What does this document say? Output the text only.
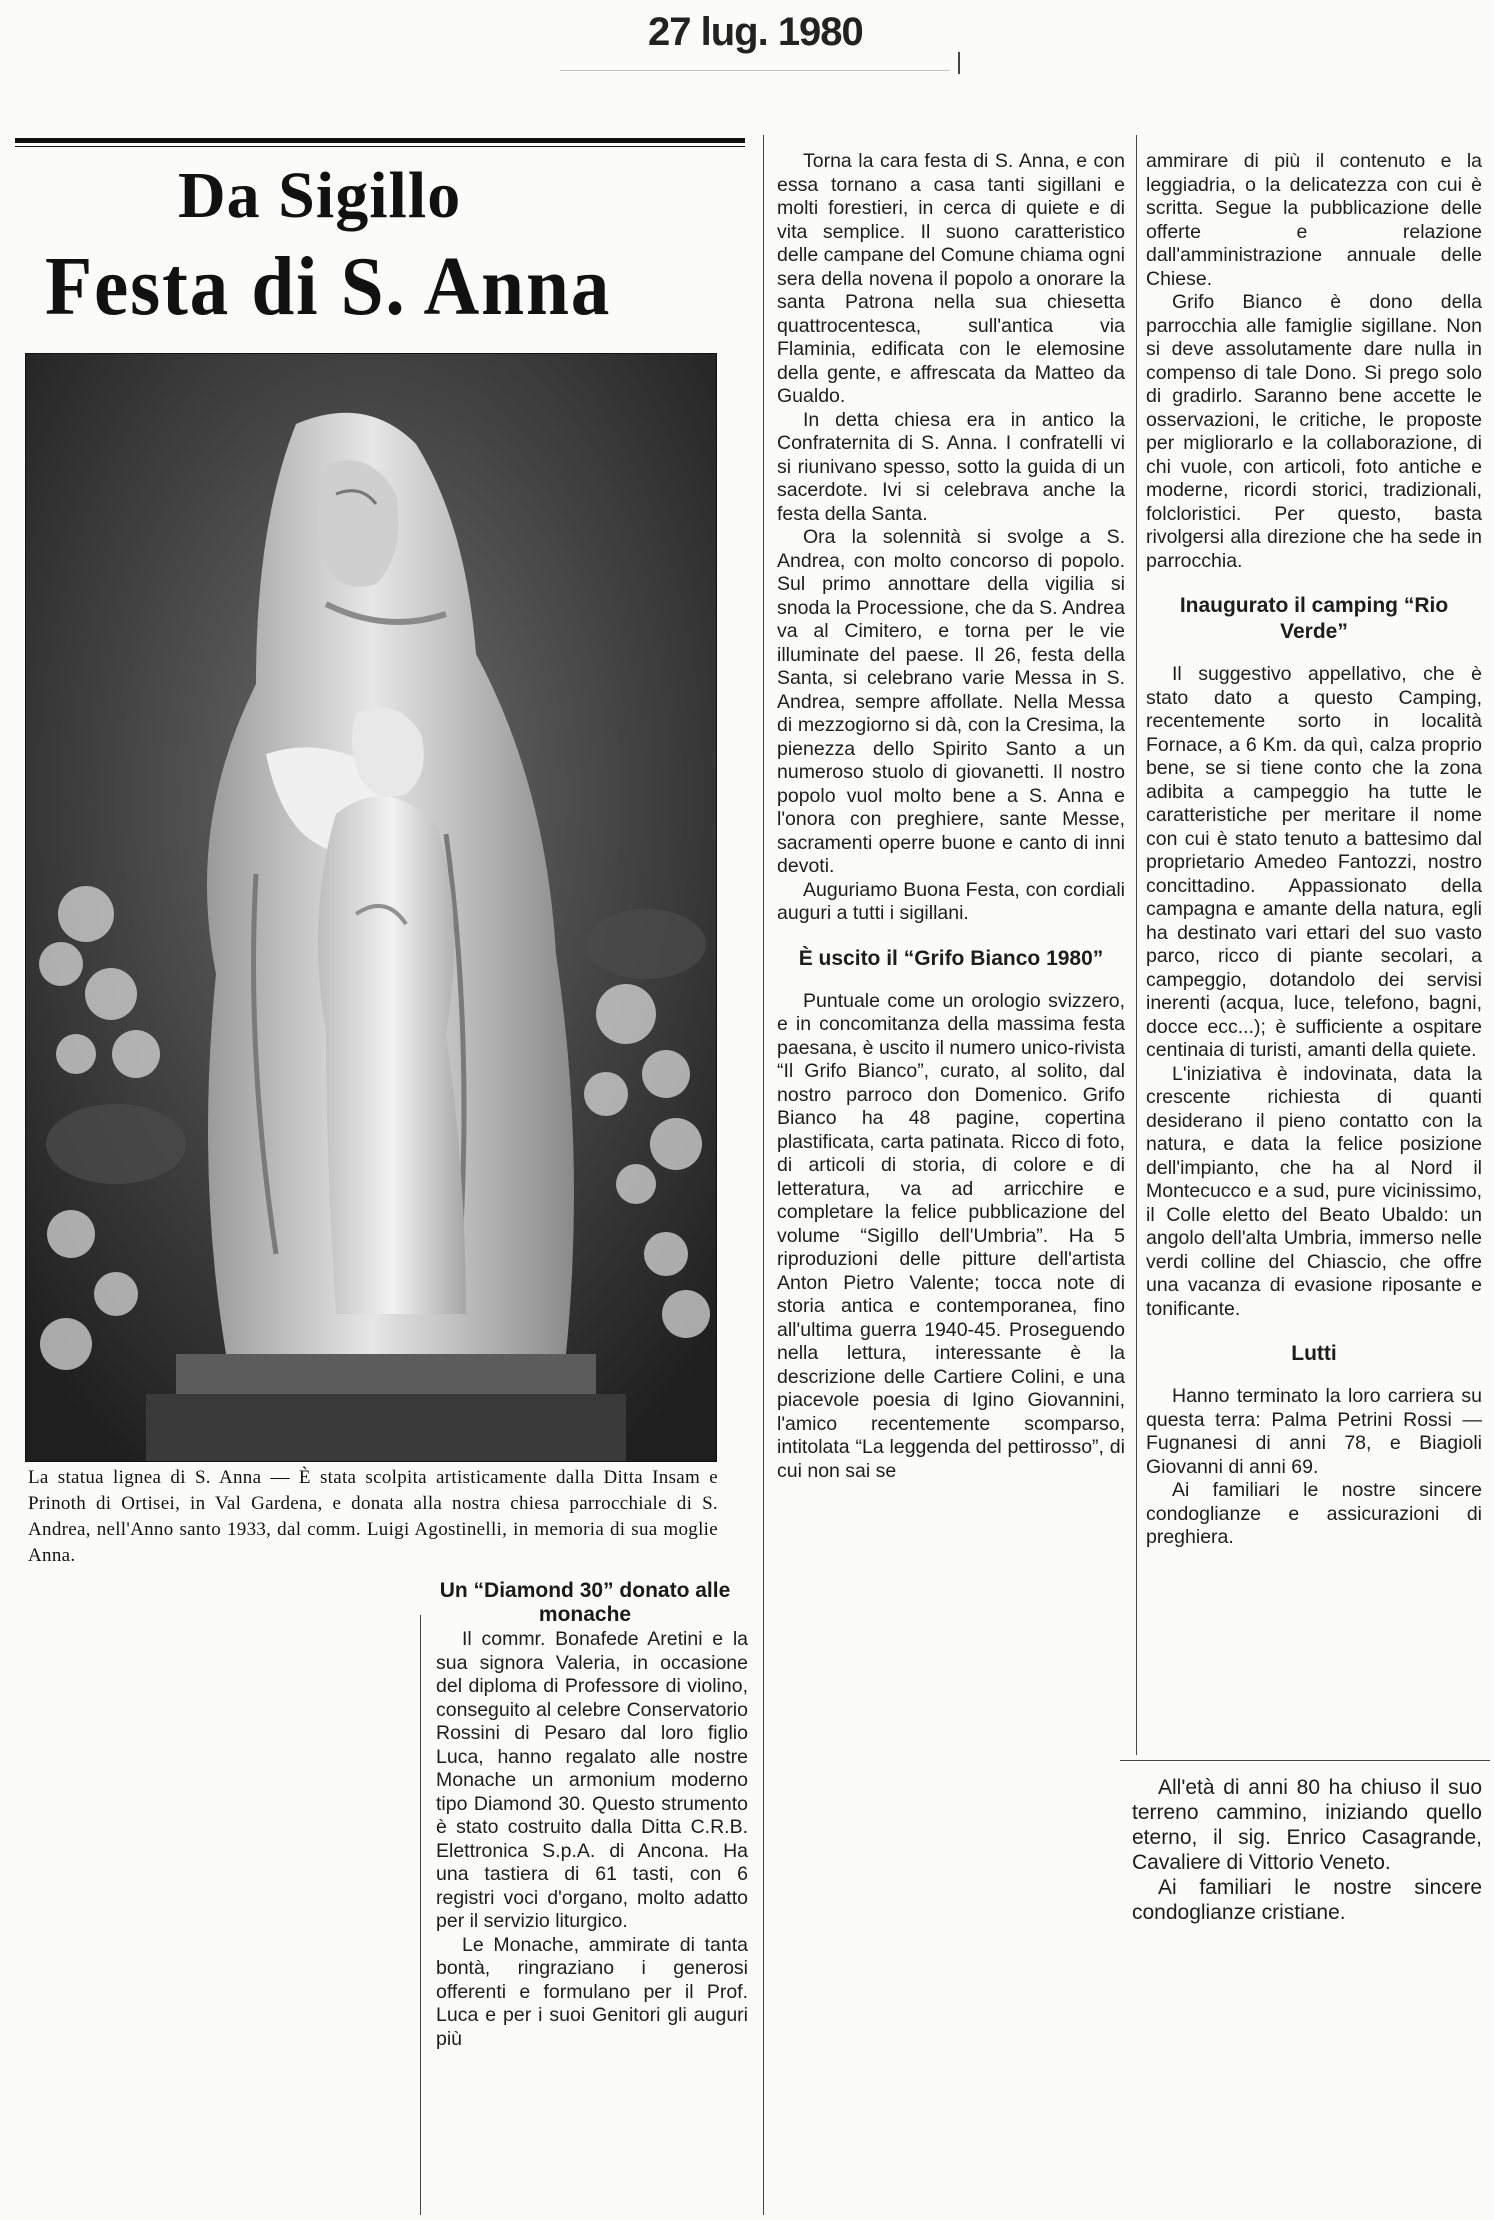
27 lug. 1980
Da Sigillo
Festa di S. Anna
La statua lignea di S. Anna — È stata scolpita artisticamente dalla Ditta Insam e Prinoth di Ortisei, in Val Gardena, e donata alla nostra chiesa parrocchiale di S. Andrea, nell'Anno santo 1933, dal comm. Luigi Agostinelli, in memoria di sua moglie Anna.
Un “Diamond 30” donato alle monache

Il commr. Bonafede Aretini e la sua signora Valeria, in occasione del diploma di Professore di violino, conseguito al celebre Conservatorio Rossini di Pesaro dal loro figlio Luca, hanno regalato alle nostre Monache un armonium moderno tipo Diamond 30. Questo strumento è stato costruito dalla Ditta C.R.B. Elettronica S.p.A. di Ancona. Ha una tastiera di 61 tasti, con 6 registri voci d'organo, molto adatto per il servizio liturgico.

Le Monache, ammirate di tanta bontà, ringraziano i generosi offerenti e formulano per il Prof. Luca e per i suoi Genitori gli auguri più

Torna la cara festa di S. Anna, e con essa tornano a casa tanti sigillani e molti forestieri, in cerca di quiete e di vita semplice. Il suono caratteristico delle campane del Comune chiama ogni sera della novena il popolo a onorare la santa Patrona nella sua chiesetta quattrocentesca, sull'antica via Flaminia, edificata con le elemosine della gente, e affrescata da Matteo da Gualdo.

In detta chiesa era in antico la Confraternita di S. Anna. I confratelli vi si riunivano spesso, sotto la guida di un sacerdote. Ivi si celebrava anche la festa della Santa.

Ora la solennità si svolge a S. Andrea, con molto concorso di popolo. Sul primo annottare della vigilia si snoda la Processione, che da S. Andrea va al Cimitero, e torna per le vie illuminate del paese. Il 26, festa della Santa, si celebrano varie Messa in S. Andrea, sempre affollate. Nella Messa di mezzogiorno si dà, con la Cresima, la pienezza dello Spirito Santo a un numeroso stuolo di giovanetti. Il nostro popolo vuol molto bene a S. Anna e l'onora con preghiere, sante Messe, sacramenti operre buone e canto di inni devoti.

Auguriamo Buona Festa, con cordiali auguri a tutti i sigillani.

È uscito il “Grifo Bianco 1980”

Puntuale come un orologio svizzero, e in concomitanza della massima festa paesana, è uscito il numero unico-rivista “Il Grifo Bianco”, curato, al solito, dal nostro parroco don Domenico. Grifo Bianco ha 48 pagine, copertina plastificata, carta patinata. Ricco di foto, di articoli di storia, di colore e di letteratura, va ad arricchire e completare la felice pubblicazione del volume “Sigillo dell'Umbria”. Ha 5 riproduzioni delle pitture dell'artista Anton Pietro Valente; tocca note di storia antica e contemporanea, fino all'ultima guerra 1940-45. Proseguendo nella lettura, interessante è la descrizione delle Cartiere Colini, e una piacevole poesia di Igino Giovannini, l'amico recentemente scomparso, intitolata “La leggenda del pettirosso”, di cui non sai se

ammirare di più il contenuto e la leggiadria, o la delicatezza con cui è scritta. Segue la pubblicazione delle offerte e relazione dall'amministrazione annuale delle Chiese.

Grifo Bianco è dono della parrocchia alle famiglie sigillane. Non si deve assolutamente dare nulla in compenso di tale Dono. Si prego solo di gradirlo. Saranno bene accette le osservazioni, le critiche, le proposte per migliorarlo e la collaborazione, di chi vuole, con articoli, foto antiche e moderne, ricordi storici, tradizionali, folcloristici. Per questo, basta rivolgersi alla direzione che ha sede in parrocchia.

Inaugurato il camping “Rio Verde”

Il suggestivo appellativo, che è stato dato a questo Camping, recentemente sorto in località Fornace, a 6 Km. da quì, calza proprio bene, se si tiene conto che la zona adibita a campeggio ha tutte le caratteristiche per meritare il nome con cui è stato tenuto a battesimo dal proprietario Amedeo Fantozzi, nostro concittadino. Appassionato della campagna e amante della natura, egli ha destinato vari ettari del suo vasto parco, ricco di piante secolari, a campeggio, dotandolo dei servisi inerenti (acqua, luce, telefono, bagni, docce ecc...); è sufficiente a ospitare centinaia di turisti, amanti della quiete.

L'iniziativa è indovinata, data la crescente richiesta di quanti desiderano il pieno contatto con la natura, e data la felice posizione dell'impianto, che ha al Nord il Montecucco e a sud, pure vicinissimo, il Colle eletto del Beato Ubaldo: un angolo dell'alta Umbria, immerso nelle verdi colline del Chiascio, che offre una vacanza di evasione riposante e tonificante.

Lutti

Hanno terminato la loro carriera su questa terra: Palma Petrini Rossi — Fugnanesi di anni 78, e Biagioli Giovanni di anni 69.

Ai familiari le nostre sincere condoglianze e assicurazioni di preghiera.

All'età di anni 80 ha chiuso il suo terreno cammino, iniziando quello eterno, il sig. Enrico Casagrande, Cavaliere di Vittorio Veneto.

Ai familiari le nostre sincere condoglianze cristiane.
